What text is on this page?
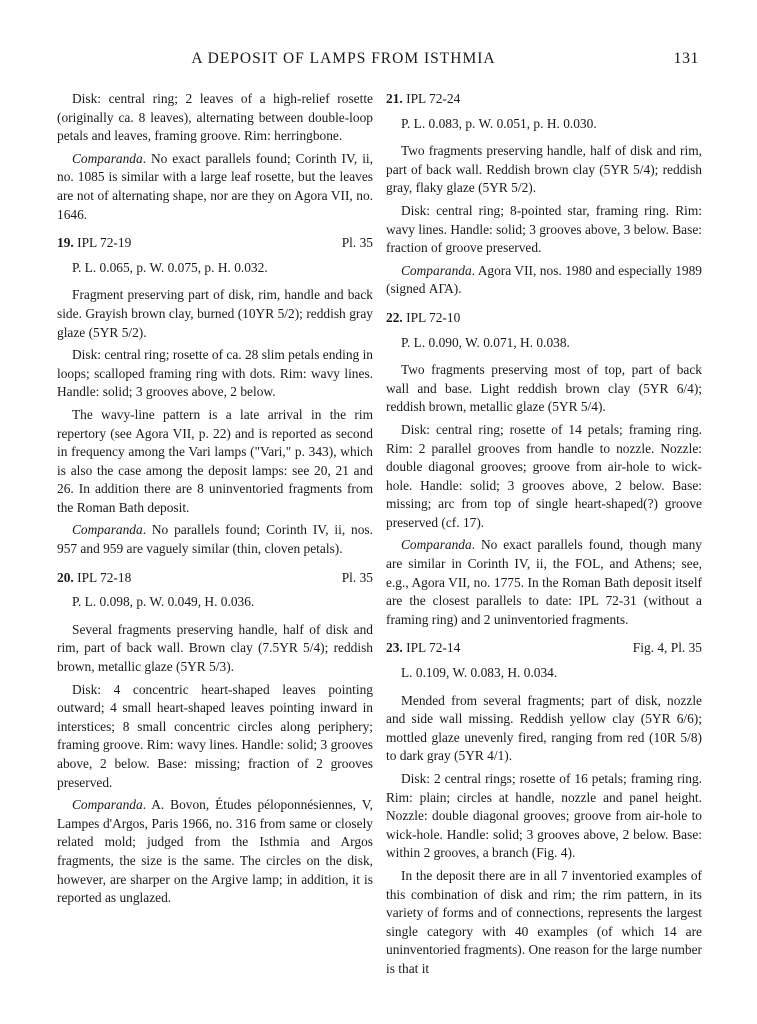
A DEPOSIT OF LAMPS FROM ISTHMIA	131

Disk: central ring; 2 leaves of a high-relief rosette (originally ca. 8 leaves), alternating between double-loop petals and leaves, framing groove. Rim: herringbone.

Comparanda. No exact parallels found; Corinth IV, ii, no. 1085 is similar with a large leaf rosette, but the leaves are not of alternating shape, nor are they on Agora VII, no. 1646.

19. IPL 72-19	Pl. 35

P. L. 0.065, p. W. 0.075, p. H. 0.032.

Fragment preserving part of disk, rim, handle and back side. Grayish brown clay, burned (10YR 5/2); reddish gray glaze (5YR 5/2).

Disk: central ring; rosette of ca. 28 slim petals ending in loops; scalloped framing ring with dots. Rim: wavy lines. Handle: solid; 3 grooves above, 2 below.

The wavy-line pattern is a late arrival in the rim repertory (see Agora VII, p. 22) and is reported as second in frequency among the Vari lamps ("Vari," p. 343), which is also the case among the deposit lamps: see 20, 21 and 26. In addition there are 8 uninventoried fragments from the Roman Bath deposit.

Comparanda. No parallels found; Corinth IV, ii, nos. 957 and 959 are vaguely similar (thin, cloven petals).

20. IPL 72-18	Pl. 35

P. L. 0.098, p. W. 0.049, H. 0.036.

Several fragments preserving handle, half of disk and rim, part of back wall. Brown clay (7.5YR 5/4); reddish brown, metallic glaze (5YR 5/3).

Disk: 4 concentric heart-shaped leaves pointing outward; 4 small heart-shaped leaves pointing inward in interstices; 8 small concentric circles along periphery; framing groove. Rim: wavy lines. Handle: solid; 3 grooves above, 2 below. Base: missing; fraction of 2 grooves preserved.

Comparanda. A. Bovon, Études péloponnésiennes, V, Lampes d'Argos, Paris 1966, no. 316 from same or closely related mold; judged from the Isthmia and Argos fragments, the size is the same. The circles on the disk, however, are sharper on the Argive lamp; in addition, it is reported as unglazed.

21. IPL 72-24

P. L. 0.083, p. W. 0.051, p. H. 0.030.

Two fragments preserving handle, half of disk and rim, part of back wall. Reddish brown clay (5YR 5/4); reddish gray, flaky glaze (5YR 5/2).

Disk: central ring; 8-pointed star, framing ring. Rim: wavy lines. Handle: solid; 3 grooves above, 3 below. Base: fraction of groove preserved.

Comparanda. Agora VII, nos. 1980 and especially 1989 (signed ΑΓΑ).

22. IPL 72-10

P. L. 0.090, W. 0.071, H. 0.038.

Two fragments preserving most of top, part of back wall and base. Light reddish brown clay (5YR 6/4); reddish brown, metallic glaze (5YR 5/4).

Disk: central ring; rosette of 14 petals; framing ring. Rim: 2 parallel grooves from handle to nozzle. Nozzle: double diagonal grooves; groove from air-hole to wick-hole. Handle: solid; 3 grooves above, 2 below. Base: missing; arc from top of single heart-shaped(?) groove preserved (cf. 17).

Comparanda. No exact parallels found, though many are similar in Corinth IV, ii, the FOL, and Athens; see, e.g., Agora VII, no. 1775. In the Roman Bath deposit itself are the closest parallels to date: IPL 72-31 (without a framing ring) and 2 uninventoried fragments.

23. IPL 72-14	Fig. 4, Pl. 35

L. 0.109, W. 0.083, H. 0.034.

Mended from several fragments; part of disk, nozzle and side wall missing. Reddish yellow clay (5YR 6/6); mottled glaze unevenly fired, ranging from red (10R 5/8) to dark gray (5YR 4/1).

Disk: 2 central rings; rosette of 16 petals; framing ring. Rim: plain; circles at handle, nozzle and panel height. Nozzle: double diagonal grooves; groove from air-hole to wick-hole. Handle: solid; 3 grooves above, 2 below. Base: within 2 grooves, a branch (Fig. 4).

In the deposit there are in all 7 inventoried examples of this combination of disk and rim; the rim pattern, in its variety of forms and of connections, represents the largest single category with 40 examples (of which 14 are uninventoried fragments). One reason for the large number is that it
